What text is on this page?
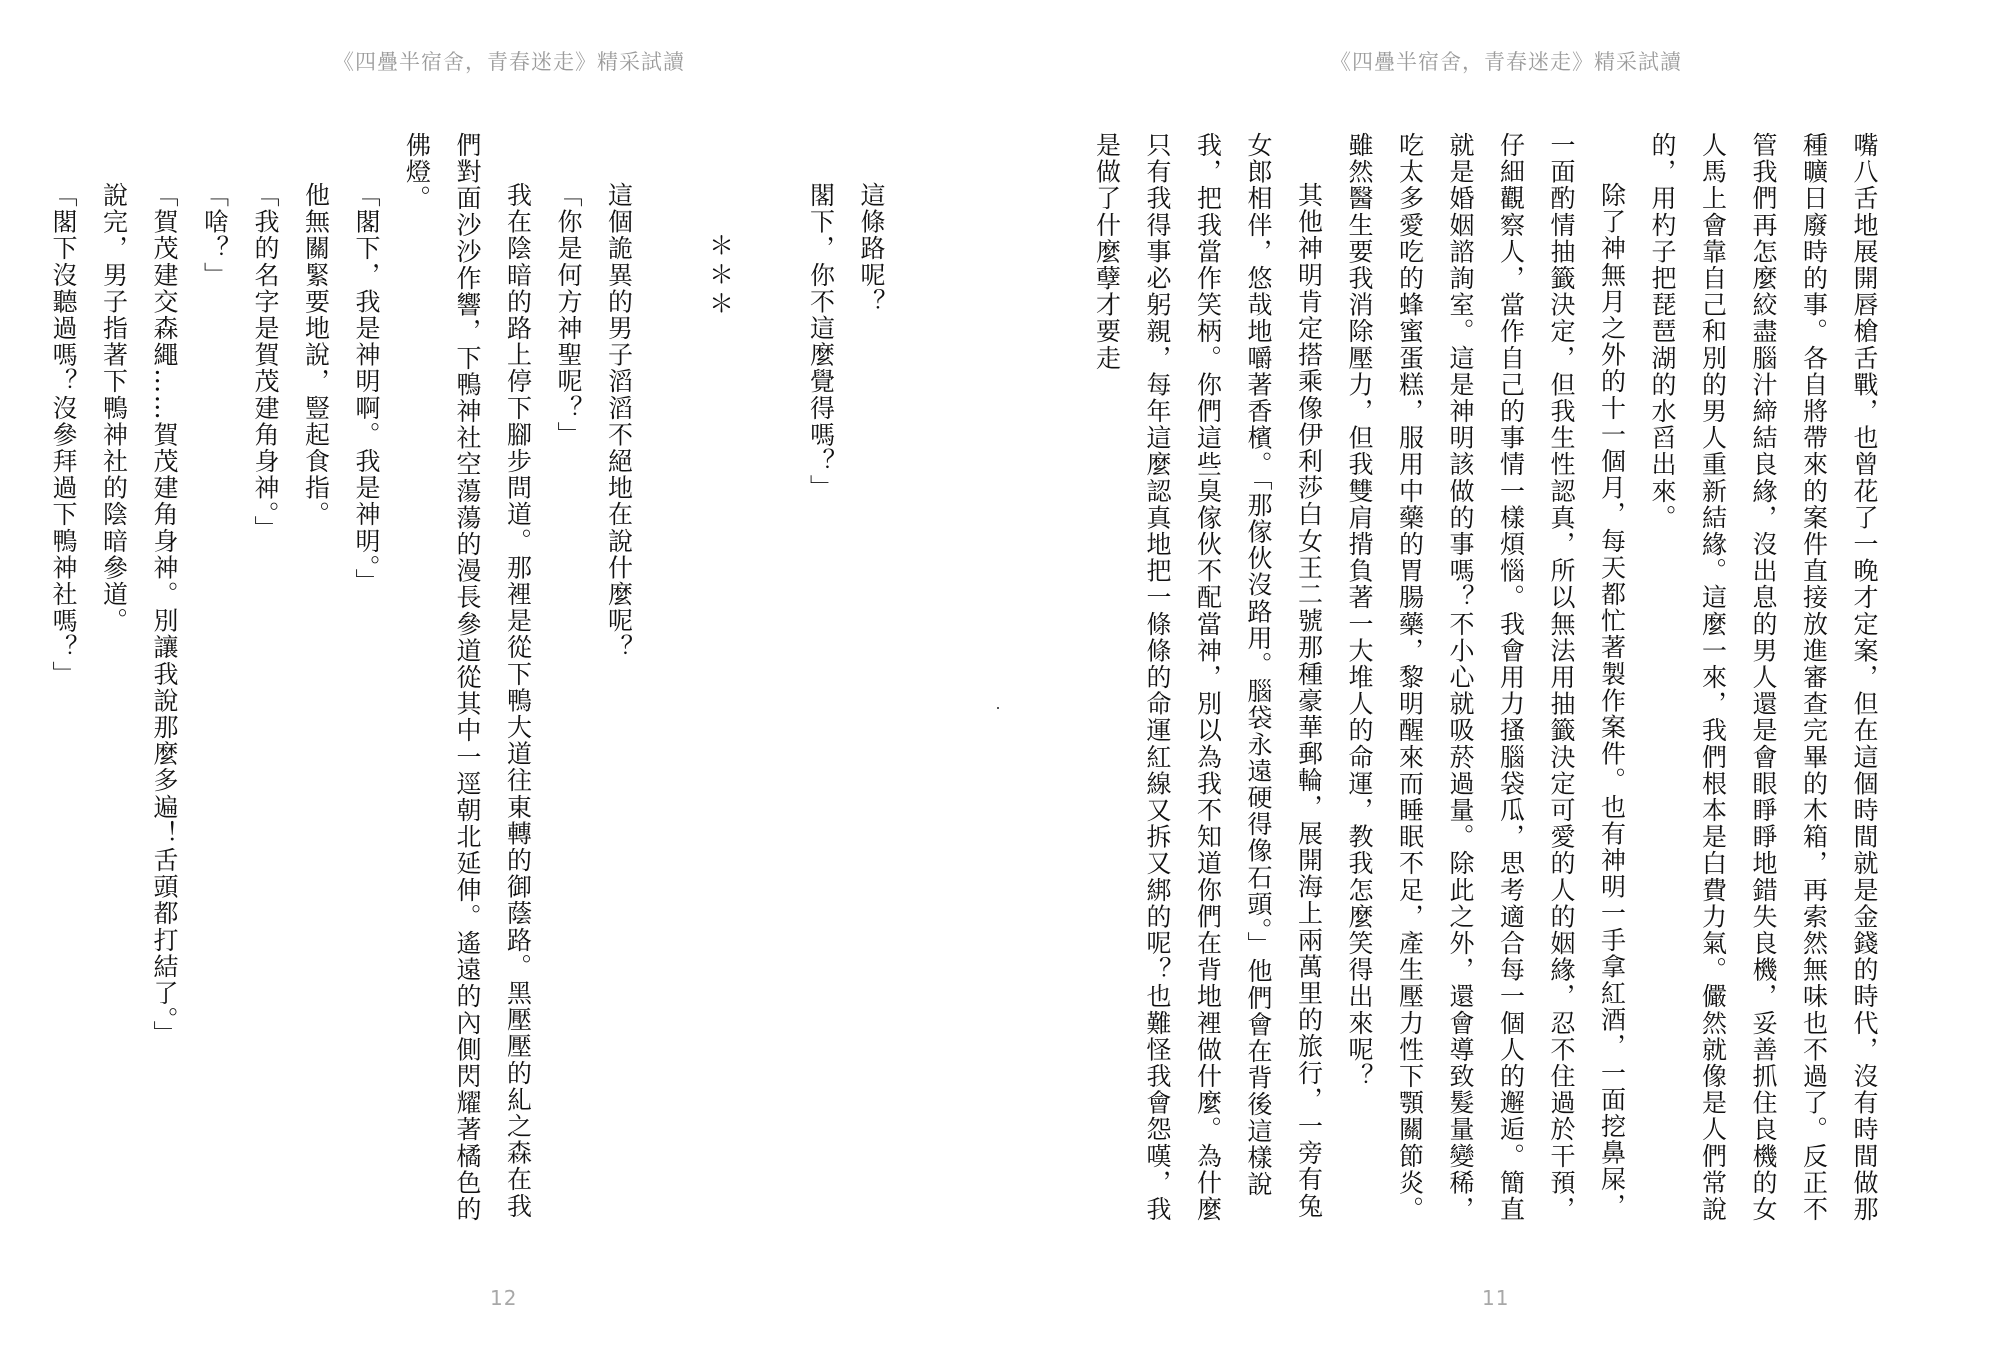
《四疊半宿舍，青春迷走》精采試讀

這條路呢？

閣下，你不這麼覺得嗎？」

＊＊＊

這個詭異的男子滔滔不絕地在說什麼呢？

「你是何方神聖呢？」

我在陰暗的路上停下腳步問道。那裡是從下鴨大道往東轉的御蔭路。黑壓壓的糺之森在我們對面沙沙作響，下鴨神社空蕩蕩的漫長參道從其中一逕朝北延伸。遙遠的內側閃耀著橘色的佛燈。

「閣下，我是神明啊。我是神明。」

他無關緊要地說，豎起食指。

「我的名字是賀茂建角身神。」

「啥？」

「賀茂建交森繩……賀茂建角身神。別讓我說那麼多遍！舌頭都打結了。」

說完，男子指著下鴨神社的陰暗參道。

「閣下沒聽過嗎？沒參拜過下鴨神社嗎？」

12
《四疊半宿舍，青春迷走》精采試讀

嘴八舌地展開唇槍舌戰，也曾花了一晚才定案，但在這個時間就是金錢的時代，沒有時間做那種曠日廢時的事。各自將帶來的案件直接放進審查完畢的木箱，再索然無味也不過了。反正不管我們再怎麼絞盡腦汁締結良緣，沒出息的男人還是會眼睜睜地錯失良機，妥善抓住良機的女人馬上會靠自己和別的男人重新結緣。這麼一來，我們根本是白費力氣。儼然就像是人們常說的，用杓子把琵琶湖的水舀出來。

除了神無月之外的十一個月，每天都忙著製作案件。也有神明一手拿紅酒，一面挖鼻屎，一面酌情抽籤決定，但我生性認真，所以無法用抽籤決定可愛的人的姻緣，忍不住過於干預，仔細觀察人，當作自己的事情一樣煩惱。我會用力搔腦袋瓜，思考適合每一個人的邂逅。簡直就是婚姻諮詢室。這是神明該做的事嗎？不小心就吸菸過量。除此之外，還會導致髮量變稀，吃太多愛吃的蜂蜜蛋糕，服用中藥的胃腸藥，黎明醒來而睡眠不足，產生壓力性下顎關節炎。雖然醫生要我消除壓力，但我雙肩揹負著一大堆人的命運，教我怎麼笑得出來呢？

其他神明肯定搭乘像伊利莎白女王二號那種豪華郵輪，展開海上兩萬里的旅行，一旁有兔女郎相伴，悠哉地嚼著香檳。「那傢伙沒路用。腦袋永遠硬得像石頭。」他們會在背後這樣說我，把我當作笑柄。你們這些臭傢伙不配當神，別以為我不知道你們在背地裡做什麼。為什麼只有我得事必躬親，每年這麼認真地把一條條的命運紅線又拆又綁的呢？也難怪我會怨嘆，我是做了什麼孽才要走

11
